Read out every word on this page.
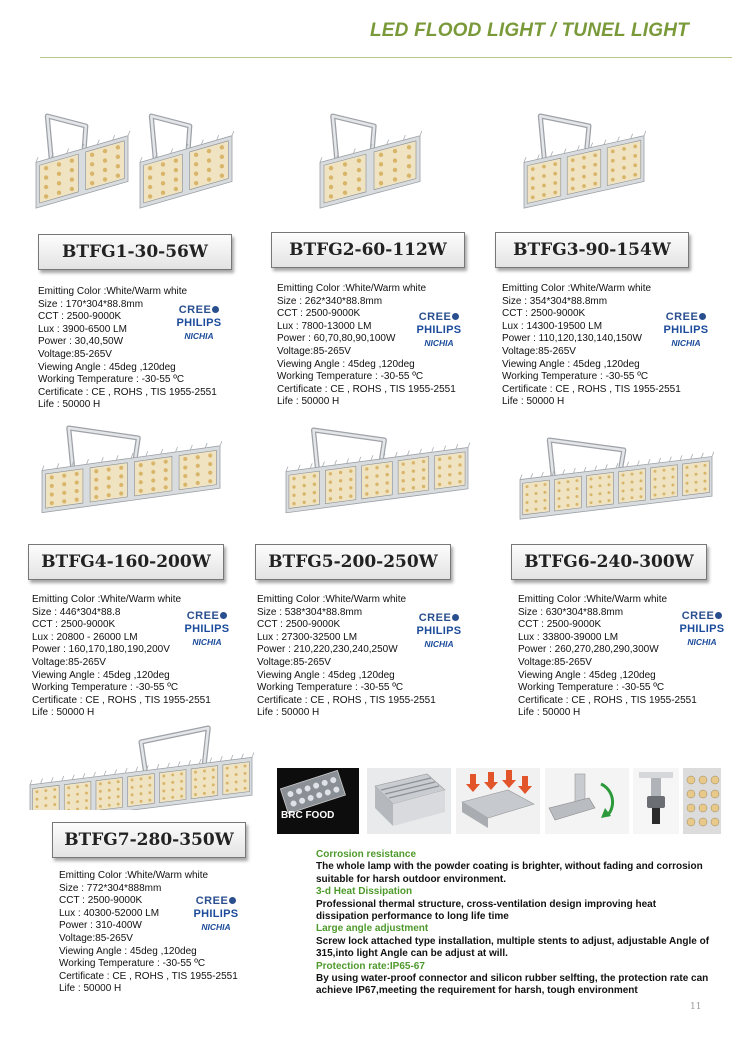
LED FLOOD LIGHT / TUNEL LIGHT
BTFG1-30-56W	BTFG2-60-112W	BTFG3-90-154W
BTFG4-160-200W	BTFG5-200-250W	BTFG6-240-300W
BTFG7-280-350W
Emitting Color :White/Warm white
Size : 170*304*88.8mm
CCT : 2500-9000K
Lux : 3900-6500 LM
Power : 30,40,50W
Voltage:85-265V
Viewing Angle : 45deg ,120deg
Working Temperature : -30-55 ºC
Certificate : CE , ROHS , TIS 1955-2551
Life : 50000 H
Emitting Color :White/Warm white
Size : 262*340*88.8mm
CCT : 2500-9000K
Lux : 7800-13000 LM
Power : 60,70,80,90,100W
Voltage:85-265V
Viewing Angle : 45deg ,120deg
Working Temperature : -30-55 ºC
Certificate : CE , ROHS , TIS 1955-2551
Life : 50000 H
Emitting Color :White/Warm white
Size : 354*304*88.8mm
CCT : 2500-9000K
Lux : 14300-19500 LM
Power : 110,120,130,140,150W
Voltage:85-265V
Viewing Angle : 45deg ,120deg
Working Temperature : -30-55 ºC
Certificate : CE , ROHS , TIS 1955-2551
Life : 50000 H
Emitting Color :White/Warm white
Size : 446*304*88.8
CCT : 2500-9000K
Lux : 20800 - 26000 LM
Power : 160,170,180,190,200V
Voltage:85-265V
Viewing Angle : 45deg ,120deg
Working Temperature : -30-55 ºC
Certificate : CE , ROHS , TIS 1955-2551
Life : 50000 H
Emitting Color :White/Warm white
Size : 538*304*88.8mm
CCT : 2500-9000K
Lux : 27300-32500 LM
Power : 210,220,230,240,250W
Voltage:85-265V
Viewing Angle : 45deg ,120deg
Working Temperature : -30-55 ºC
Certificate : CE , ROHS , TIS 1955-2551
Life : 50000 H
Emitting Color :White/Warm white
Size : 630*304*88.8mm
CCT : 2500-9000K
Lux : 33800-39000 LM
Power : 260,270,280,290,300W
Voltage:85-265V
Viewing Angle : 45deg ,120deg
Working Temperature : -30-55 ºC
Certificate : CE , ROHS , TIS 1955-2551
Life : 50000 H
Emitting Color :White/Warm white
Size : 772*304*888mm
CCT : 2500-9000K
Lux : 40300-52000 LM
Power : 310-400W
Voltage:85-265V
Viewing Angle : 45deg ,120deg
Working Temperature : -30-55 ºC
Certificate : CE , ROHS , TIS 1955-2551
Life : 50000 H
CREE
PHILIPS
NICHIA
CREE
PHILIPS
NICHIA
CREE
PHILIPS
NICHIA
CREE
PHILIPS
NICHIA
CREE
PHILIPS
NICHIA
CREE
PHILIPS
NICHIA
CREE
PHILIPS
NICHIA
BRC FOOD
Corrosion resistance
The whole lamp with the powder coating is brighter, without fading and corrosion
suitable for harsh outdoor environment.
3-d Heat Dissipation
Professional thermal structure, cross-ventilation design improving heat
dissipation performance to long life time
Large angle adjustment
Screw lock attached type installation, multiple stents to adjust, adjustable Angle of
315,into light Angle can be adjust at will.
Protection rate:IP65-67
By using water-proof connector and silicon rubber selfting, the protection rate can
achieve IP67,meeting the requirement for harsh, tough environment
11
